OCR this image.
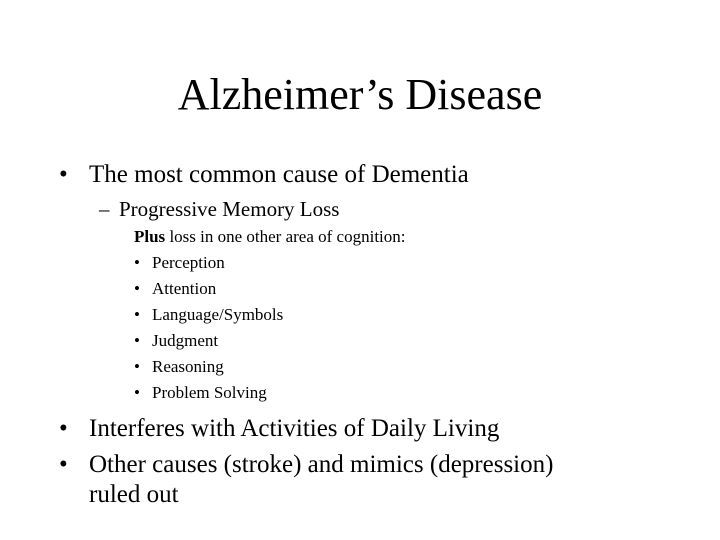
Alzheimer’s Disease
• The most common cause of Dementia
– Progressive Memory Loss
Plus loss in one other area of cognition:
• Perception
• Attention
• Language/Symbols
• Judgment
• Reasoning
• Problem Solving
• Interferes with Activities of Daily Living
• Other causes (stroke) and mimics (depression)
ruled out
